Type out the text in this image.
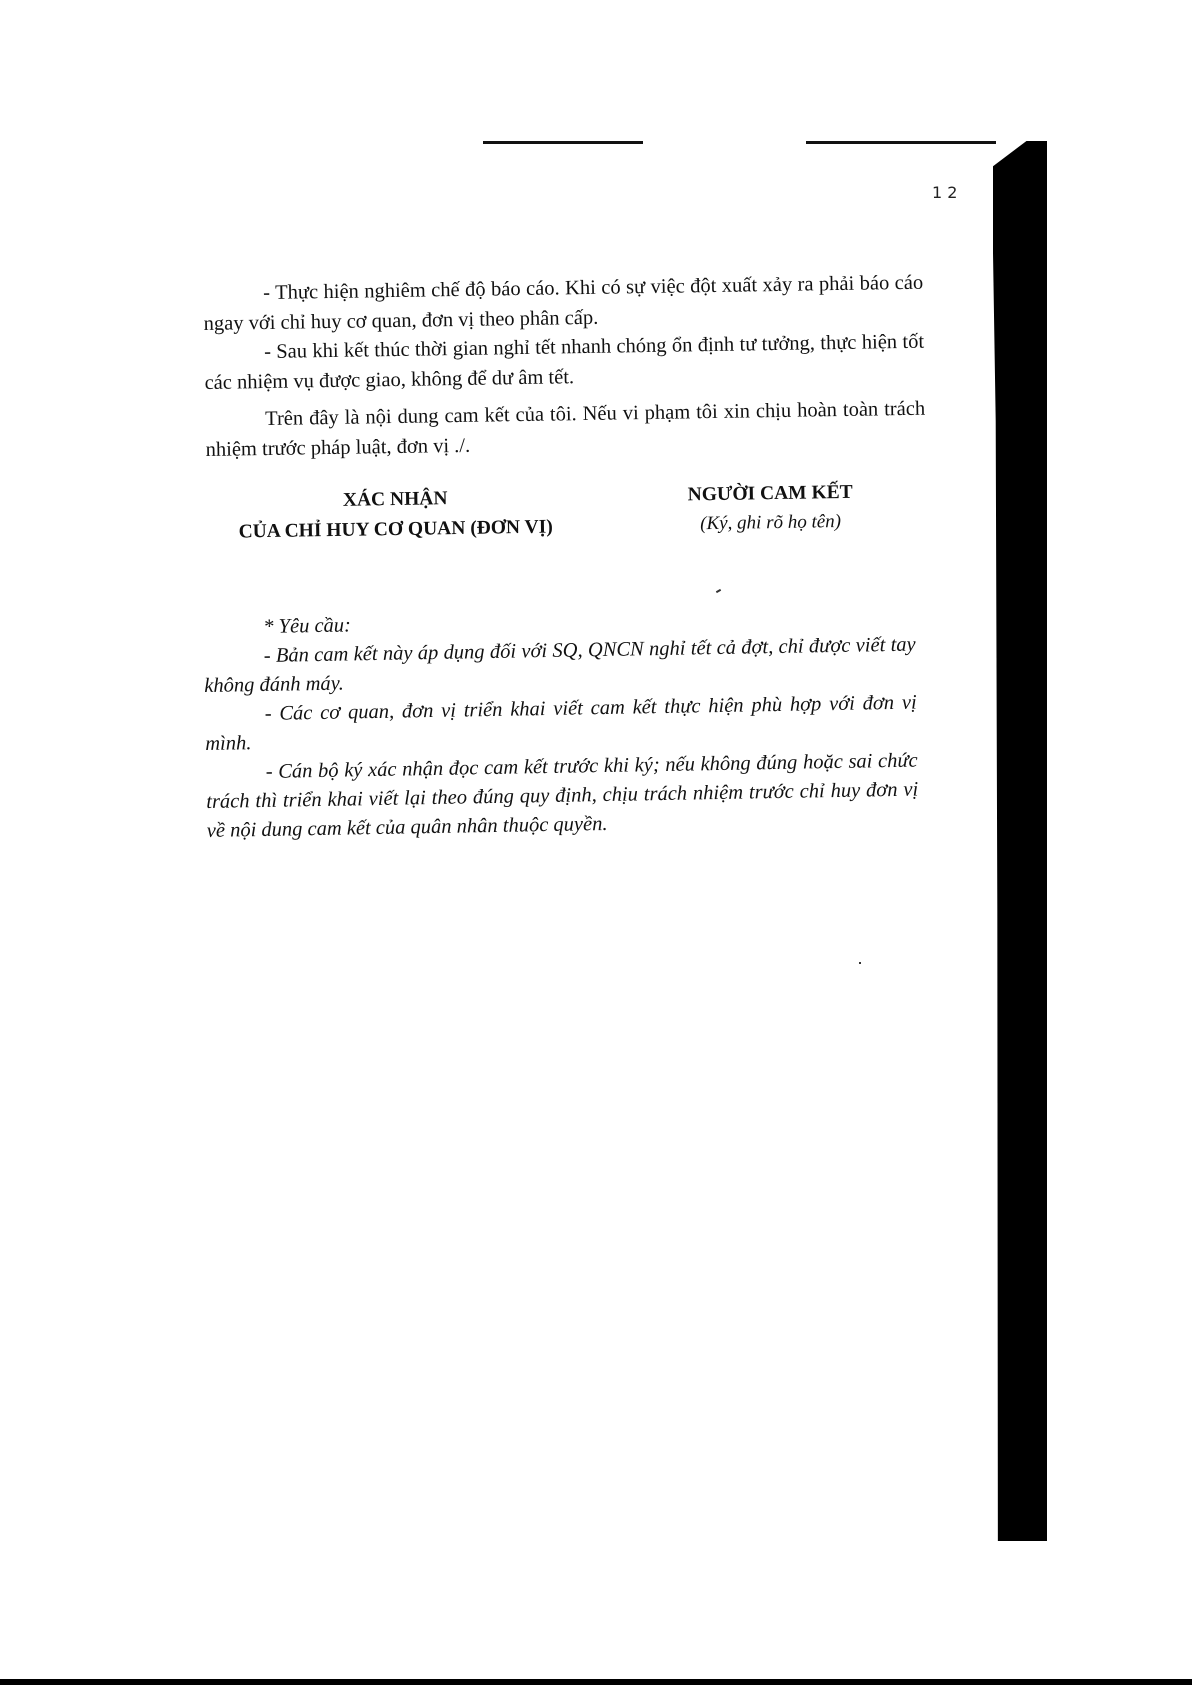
1 2

- Thực hiện nghiêm chế độ báo cáo. Khi có sự việc đột xuất xảy ra phải báo cáo ngay với chỉ huy cơ quan, đơn vị theo phân cấp.

- Sau khi kết thúc thời gian nghỉ tết nhanh chóng ổn định tư tưởng, thực hiện tốt các nhiệm vụ được giao, không để dư âm tết.

Trên đây là nội dung cam kết của tôi. Nếu vi phạm tôi xin chịu hoàn toàn trách nhiệm trước pháp luật, đơn vị ./.

XÁC NHẬN
CỦA CHỈ HUY CƠ QUAN (ĐƠN VỊ)
NGƯỜI CAM KẾT
(Ký, ghi rõ họ tên)

* Yêu cầu:

- Bản cam kết này áp dụng đối với SQ, QNCN nghỉ tết cả đợt, chỉ được viết tay không đánh máy.

- Các cơ quan, đơn vị triển khai viết cam kết thực hiện phù hợp với đơn vị mình.

- Cán bộ ký xác nhận đọc cam kết trước khi ký; nếu không đúng hoặc sai chức trách thì triển khai viết lại theo đúng quy định, chịu trách nhiệm trước chỉ huy đơn vị về nội dung cam kết của quân nhân thuộc quyền.
